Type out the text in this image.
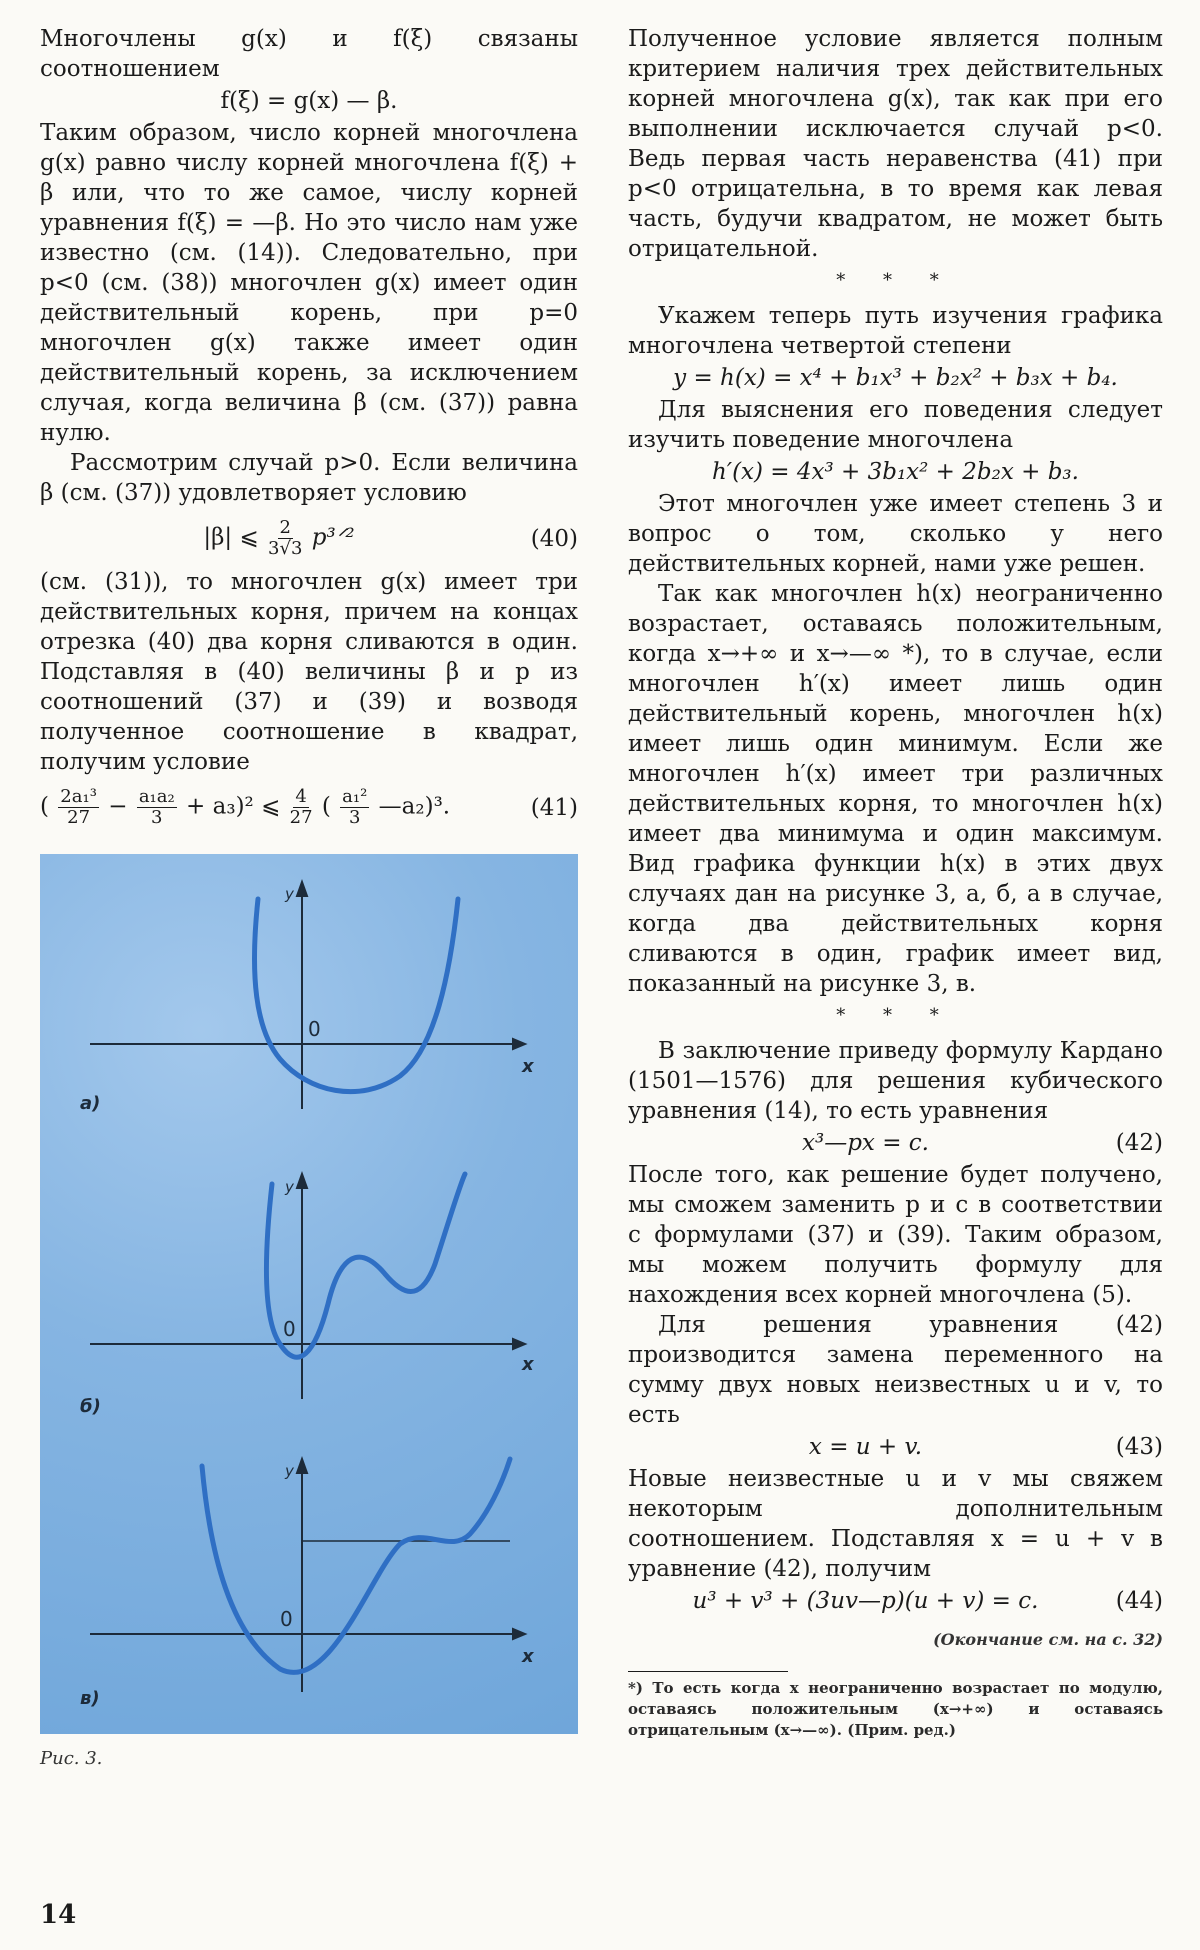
Многочлены g(x) и f(ξ) связаны соотношением

f(ξ) = g(x) — β.

Таким образом, число корней многочлена g(x) равно числу корней многочлена f(ξ) + β или, что то же самое, числу корней уравнения f(ξ) = —β. Но это число нам уже известно (см. (14)). Следовательно, при p<0 (см. (38)) многочлен g(x) имеет один действительный корень, при p=0 многочлен g(x) также имеет один действительный корень, за исключением случая, когда величина β (см. (37)) равна нулю.

Рассмотрим случай p>0. Если величина β (см. (37)) удовлетворяет условию

|β| ⩽ $\frac{2}{3√3}$ p³ᐟ²	(40)

(см. (31)), то многочлен g(x) имеет три действительных корня, причем на концах отрезка (40) два корня сливаются в один. Подставляя в (40) величины β и p из соотношений (37) и (39) и возводя полученное соотношение в квадрат, получим условие

( $\frac{\text{2a₁³}}{27} - \frac{\text{a₁a₂}}{3} + a_3)^2$ ⩽ $\frac{4}{27}$ ( $\frac{\text{a₁²}}{3}$ —a₂)³.	(41)
y
x
0
а)
y
x
0
б)
y
x
0
в)
Рис. 3.

Полученное условие является полным критерием наличия трех действительных корней многочлена g(x), так как при его выполнении исключается случай p<0. Ведь первая часть неравенства (41) при p<0 отрицательна, в то время как левая часть, будучи квадратом, не может быть отрицательной.

* * *

Укажем теперь путь изучения графика многочлена четвертой степени

y = h(x) = x⁴ + b₁x³ + b₂x² + b₃x + b₄.

Для выяснения его поведения следует изучить поведение многочлена

h′(x) = 4x³ + 3b₁x² + 2b₂x + b₃.

Этот многочлен уже имеет степень 3 и вопрос о том, сколько у него действительных корней, нами уже решен.

Так как многочлен h(x) неограниченно возрастает, оставаясь положительным, когда x→+∞ и x→—∞ *), то в случае, если многочлен h′(x) имеет лишь один действительный корень, многочлен h(x) имеет лишь один минимум. Если же многочлен h′(x) имеет три различных действительных корня, то многочлен h(x) имеет два минимума и один максимум. Вид графика функции h(x) в этих двух случаях дан на рисунке 3, а, б, а в случае, когда два действительных корня сливаются в один, график имеет вид, показанный на рисунке 3, в.

* * *

В заключение приведу формулу Кардано (1501—1576) для решения кубического уравнения (14), то есть уравнения

x³—px = c.	(42)

После того, как решение будет получено, мы сможем заменить p и c в соответствии с формулами (37) и (39). Таким образом, мы можем получить формулу для нахождения всех корней многочлена (5).

Для решения уравнения (42) производится замена переменного на сумму двух новых неизвестных u и v, то есть

x = u + v.	(43)

Новые неизвестные u и v мы свяжем некоторым дополнительным соотношением. Подставляя x = u + v в уравнение (42), получим

u³ + v³ + (3uv—p)(u + v) = c.	(44)
(Окончание см. на с. 32)
*) То есть когда x неограниченно возрастает по модулю, оставаясь положительным (x→+∞) и оставаясь отрицательным (x→—∞). (Прим. ред.)
14
